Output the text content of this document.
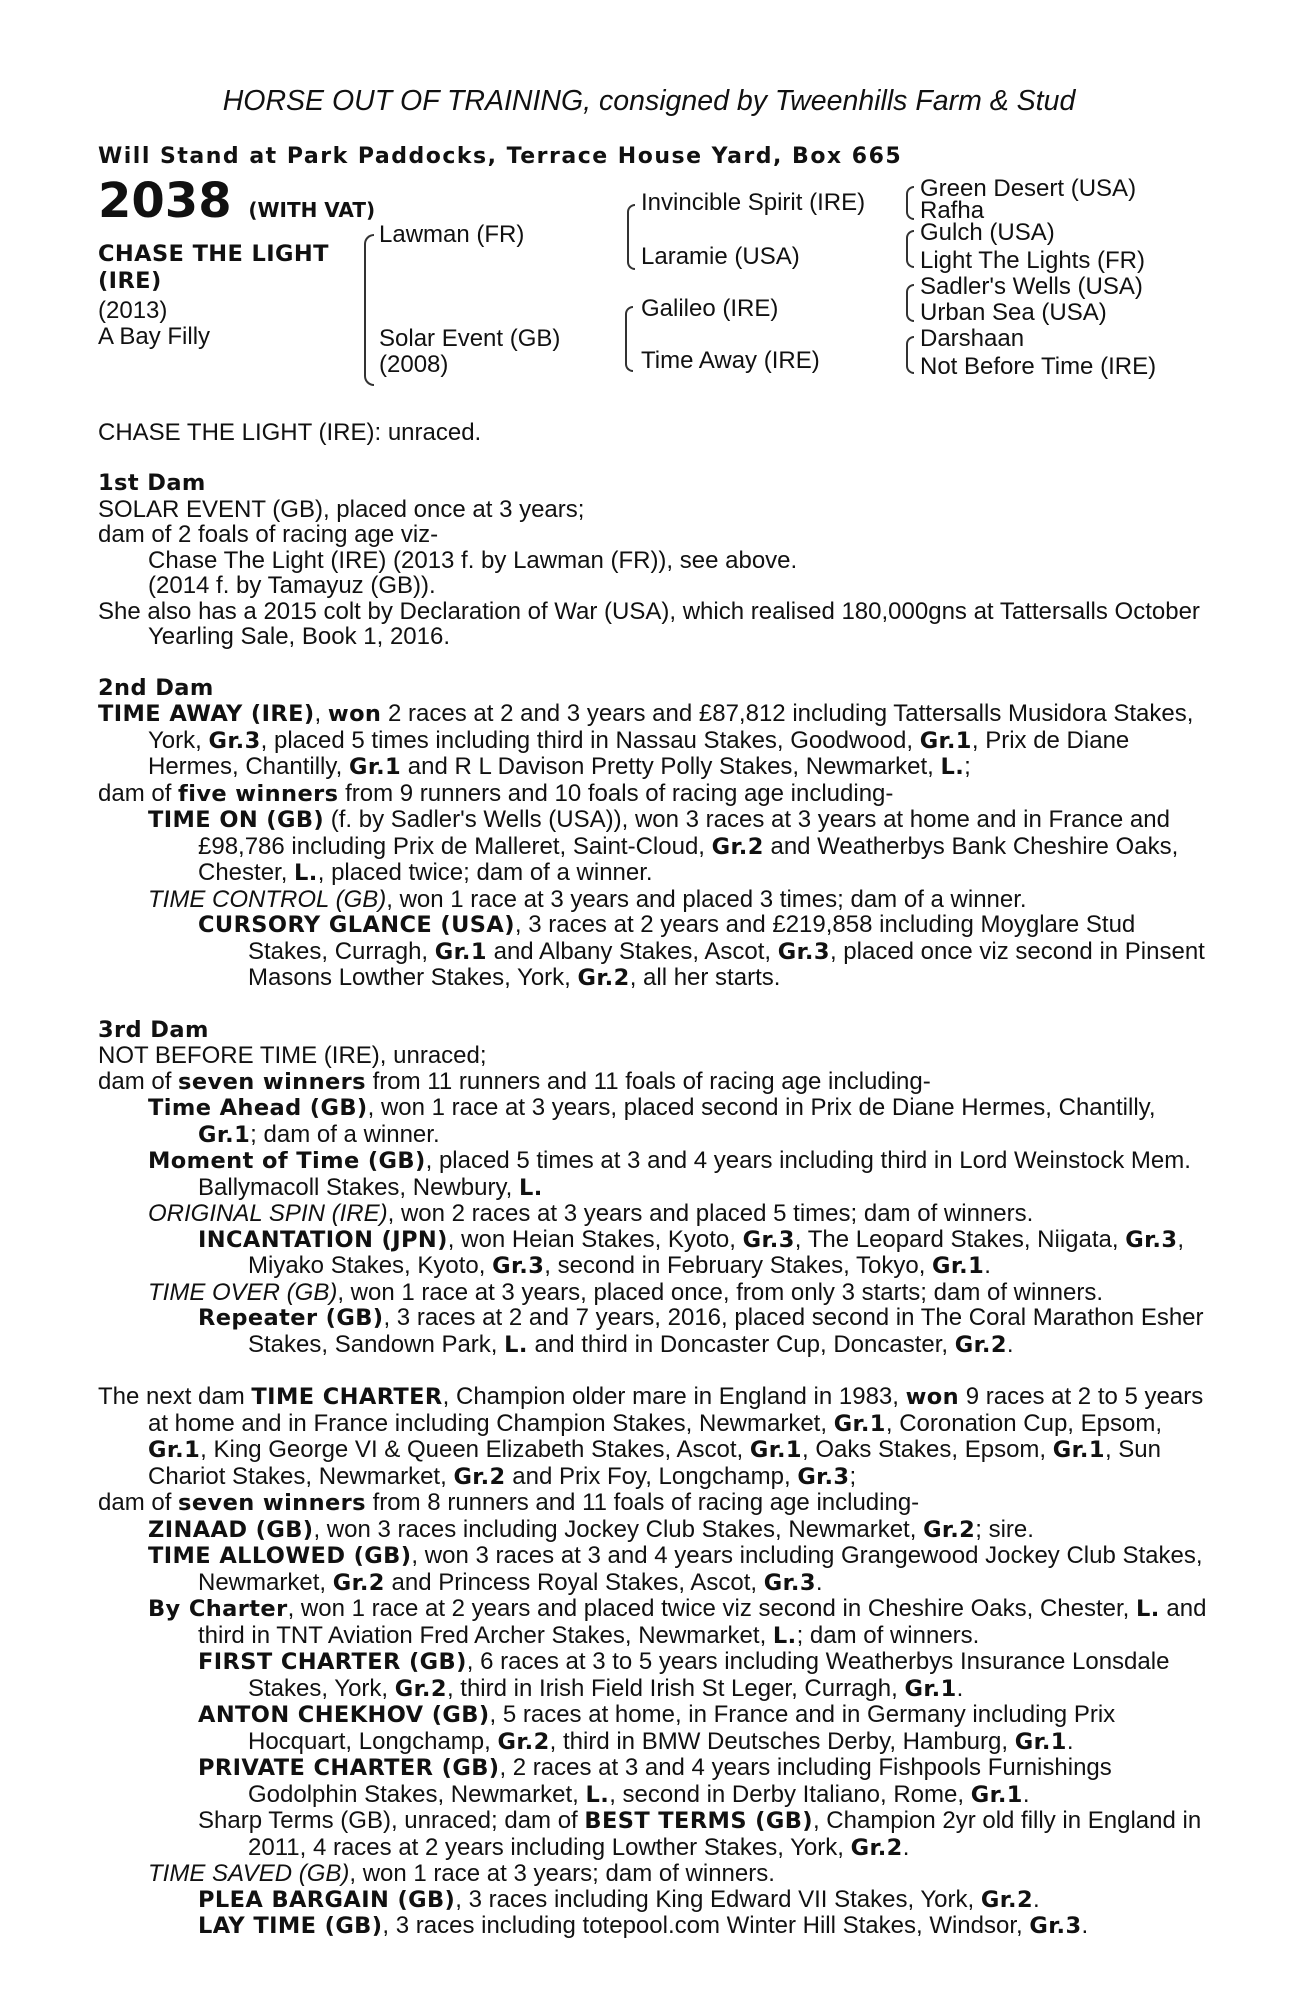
HORSE OUT OF TRAINING, consigned by Tweenhills Farm & Stud
Will Stand at Park Paddocks, Terrace House Yard, Box 665
2038 (WITH VAT)
CHASE THE LIGHT
(IRE)
(2013)
A Bay Filly
Lawman (FR)
Solar Event (GB)
(2008)
Invincible Spirit (IRE)
Laramie (USA)
Galileo (IRE)
Time Away (IRE)
Green Desert (USA)
Rafha
Gulch (USA)
Light The Lights (FR)
Sadler's Wells (USA)
Urban Sea (USA)
Darshaan
Not Before Time (IRE)

CHASE THE LIGHT (IRE): unraced.

1st Dam

SOLAR EVENT (GB), placed once at 3 years;

dam of 2 foals of racing age viz-

Chase The Light (IRE) (2013 f. by Lawman (FR)), see above.

(2014 f. by Tamayuz (GB)).

She also has a 2015 colt by Declaration of War (USA), which realised 180,000gns at Tattersalls October Yearling Sale, Book 1, 2016.

2nd Dam

TIME AWAY (IRE), won 2 races at 2 and 3 years and £87,812 including Tattersalls Musidora Stakes, York, Gr.3, placed 5 times including third in Nassau Stakes, Goodwood, Gr.1, Prix de Diane Hermes, Chantilly, Gr.1 and R L Davison Pretty Polly Stakes, Newmarket, L.;

dam of five winners from 9 runners and 10 foals of racing age including-

TIME ON (GB) (f. by Sadler's Wells (USA)), won 3 races at 3 years at home and in France and £98,786 including Prix de Malleret, Saint-Cloud, Gr.2 and Weatherbys Bank Cheshire Oaks, Chester, L., placed twice; dam of a winner.

TIME CONTROL (GB), won 1 race at 3 years and placed 3 times; dam of a winner.

CURSORY GLANCE (USA), 3 races at 2 years and £219,858 including Moyglare Stud Stakes, Curragh, Gr.1 and Albany Stakes, Ascot, Gr.3, placed once viz second in Pinsent Masons Lowther Stakes, York, Gr.2, all her starts.

3rd Dam

NOT BEFORE TIME (IRE), unraced;

dam of seven winners from 11 runners and 11 foals of racing age including-

Time Ahead (GB), won 1 race at 3 years, placed second in Prix de Diane Hermes, Chantilly, Gr.1; dam of a winner.

Moment of Time (GB), placed 5 times at 3 and 4 years including third in Lord Weinstock Mem. Ballymacoll Stakes, Newbury, L.

ORIGINAL SPIN (IRE), won 2 races at 3 years and placed 5 times; dam of winners.

INCANTATION (JPN), won Heian Stakes, Kyoto, Gr.3, The Leopard Stakes, Niigata, Gr.3, Miyako Stakes, Kyoto, Gr.3, second in February Stakes, Tokyo, Gr.1.

TIME OVER (GB), won 1 race at 3 years, placed once, from only 3 starts; dam of winners.

Repeater (GB), 3 races at 2 and 7 years, 2016, placed second in The Coral Marathon Esher Stakes, Sandown Park, L. and third in Doncaster Cup, Doncaster, Gr.2.

The next dam TIME CHARTER, Champion older mare in England in 1983, won 9 races at 2 to 5 years at home and in France including Champion Stakes, Newmarket, Gr.1, Coronation Cup, Epsom, Gr.1, King George VI & Queen Elizabeth Stakes, Ascot, Gr.1, Oaks Stakes, Epsom, Gr.1, Sun Chariot Stakes, Newmarket, Gr.2 and Prix Foy, Longchamp, Gr.3;

dam of seven winners from 8 runners and 11 foals of racing age including-

ZINAAD (GB), won 3 races including Jockey Club Stakes, Newmarket, Gr.2; sire.

TIME ALLOWED (GB), won 3 races at 3 and 4 years including Grangewood Jockey Club Stakes, Newmarket, Gr.2 and Princess Royal Stakes, Ascot, Gr.3.

By Charter, won 1 race at 2 years and placed twice viz second in Cheshire Oaks, Chester, L. and third in TNT Aviation Fred Archer Stakes, Newmarket, L.; dam of winners.

FIRST CHARTER (GB), 6 races at 3 to 5 years including Weatherbys Insurance Lonsdale Stakes, York, Gr.2, third in Irish Field Irish St Leger, Curragh, Gr.1.

ANTON CHEKHOV (GB), 5 races at home, in France and in Germany including Prix Hocquart, Longchamp, Gr.2, third in BMW Deutsches Derby, Hamburg, Gr.1.

PRIVATE CHARTER (GB), 2 races at 3 and 4 years including Fishpools Furnishings Godolphin Stakes, Newmarket, L., second in Derby Italiano, Rome, Gr.1.

Sharp Terms (GB), unraced; dam of BEST TERMS (GB), Champion 2yr old filly in England in 2011, 4 races at 2 years including Lowther Stakes, York, Gr.2.

TIME SAVED (GB), won 1 race at 3 years; dam of winners.

PLEA BARGAIN (GB), 3 races including King Edward VII Stakes, York, Gr.2.

LAY TIME (GB), 3 races including totepool.com Winter Hill Stakes, Windsor, Gr.3.
